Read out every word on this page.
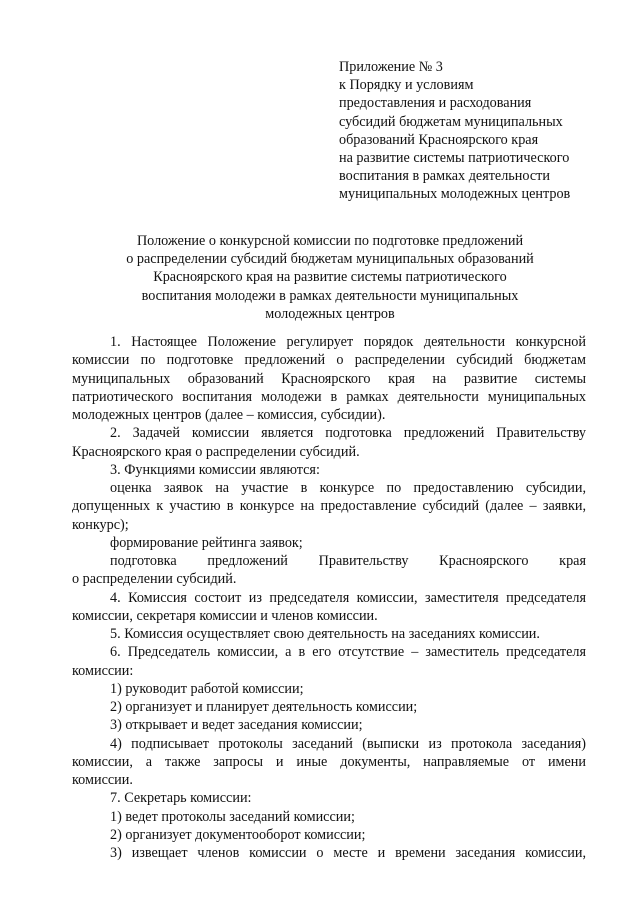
Приложение № 3
к Порядку и условиям
предоставления и расходования
субсидий бюджетам муниципальных
образований Красноярского края
на развитие системы патриотического
воспитания в рамках деятельности
муниципальных молодежных центров
Положение о конкурсной комиссии по подготовке предложений
о распределении субсидий бюджетам муниципальных образований
Красноярского края на развитие системы патриотического
воспитания молодежи в рамках деятельности муниципальных
молодежных центров
1. Настоящее Положение регулирует порядок деятельности конкурсной
комиссии по подготовке предложений о распределении субсидий бюджетам
муниципальных образований Красноярского края на развитие системы
патриотического воспитания молодежи в рамках деятельности муниципальных
молодежных центров (далее – комиссия, субсидии).
2. Задачей комиссии является подготовка предложений Правительству
Красноярского края о распределении субсидий.
3. Функциями комиссии являются:
оценка заявок на участие в конкурсе по предоставлению субсидии,
допущенных к участию в конкурсе на предоставление субсидий (далее – заявки,
конкурс);
формирование рейтинга заявок;
подготовка предложений Правительству Красноярского края
о распределении субсидий.
4. Комиссия состоит из председателя комиссии, заместителя председателя
комиссии, секретаря комиссии и членов комиссии.
5. Комиссия осуществляет свою деятельность на заседаниях комиссии.
6. Председатель комиссии, а в его отсутствие – заместитель председателя
комиссии:
1) руководит работой комиссии;
2) организует и планирует деятельность комиссии;
3) открывает и ведет заседания комиссии;
4) подписывает протоколы заседаний (выписки из протокола заседания)
комиссии, а также запросы и иные документы, направляемые от имени
комиссии.
7. Секретарь комиссии:
1) ведет протоколы заседаний комиссии;
2) организует документооборот комиссии;
3) извещает членов комиссии о месте и времени заседания комиссии,
